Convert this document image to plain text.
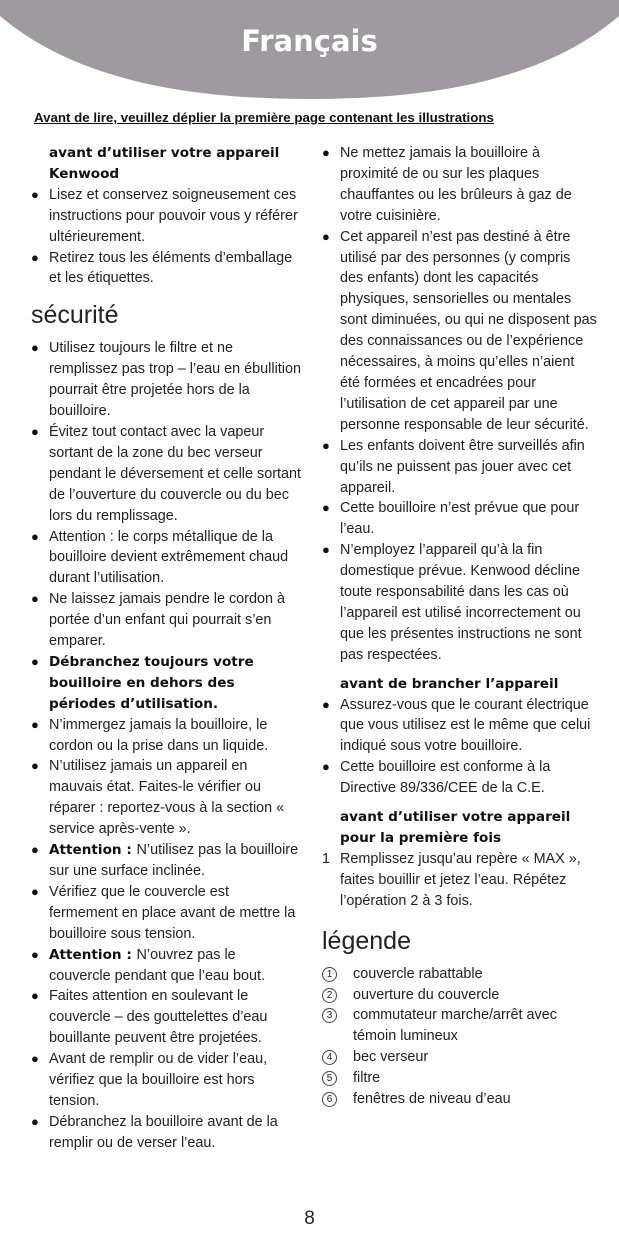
Français
Avant de lire, veuillez déplier la première page contenant les illustrations
avant d’utiliser votre appareil Kenwood
● Lisez et conservez soigneusement ces instructions pour pouvoir vous y référer ultérieurement.
● Retirez tous les éléments d’emballage et les étiquettes.
sécurité
● Utilisez toujours le filtre et ne remplissez pas trop – l’eau en ébullition pourrait être projetée hors de la bouilloire.
● Évitez tout contact avec la vapeur sortant de la zone du bec verseur pendant le déversement et celle sortant de l’ouverture du couvercle ou du bec lors du remplissage.
● Attention : le corps métallique de la bouilloire devient extrêmement chaud durant l’utilisation.
● Ne laissez jamais pendre le cordon à portée d’un enfant qui pourrait s’en emparer.
● Débranchez toujours votre bouilloire en dehors des périodes d’utilisation.
● N’immergez jamais la bouilloire, le cordon ou la prise dans un liquide.
● N’utilisez jamais un appareil en mauvais état. Faites-le vérifier ou réparer : reportez-vous à la section « service après-vente ».
● Attention : N’utilisez pas la bouilloire sur une surface inclinée.
● Vérifiez que le couvercle est fermement en place avant de mettre la bouilloire sous tension.
● Attention : N’ouvrez pas le couvercle pendant que l’eau bout.
● Faites attention en soulevant le couvercle – des gouttelettes d’eau bouillante peuvent être projetées.
● Avant de remplir ou de vider l’eau, vérifiez que la bouilloire est hors tension.
● Débranchez la bouilloire avant de la remplir ou de verser l’eau.
● Ne mettez jamais la bouilloire à proximité de ou sur les plaques chauffantes ou les brûleurs à gaz de votre cuisinière.
● Cet appareil n’est pas destiné à être utilisé par des personnes (y compris des enfants) dont les capacités physiques, sensorielles ou mentales sont diminuées, ou qui ne disposent pas des connaissances ou de l’expérience nécessaires, à moins qu’elles n’aient été formées et encadrées pour l’utilisation de cet appareil par une personne responsable de leur sécurité.
● Les enfants doivent être surveillés afin qu’ils ne puissent pas jouer avec cet appareil.
● Cette bouilloire n’est prévue que pour l’eau.
● N’employez l’appareil qu’à la fin domestique prévue. Kenwood décline toute responsabilité dans les cas où l’appareil est utilisé incorrectement ou que les présentes instructions ne sont pas respectées.
avant de brancher l’appareil
● Assurez-vous que le courant électrique que vous utilisez est le même que celui indiqué sous votre bouilloire.
● Cette bouilloire est conforme à la Directive 89/336/CEE de la C.E.
avant d’utiliser votre appareil pour la première fois
1 Remplissez jusqu’au repère « MAX », faites bouillir et jetez l’eau. Répétez l’opération 2 à 3 fois.
légende
1	couvercle rabattable
2	ouverture du couvercle
3	commutateur marche/arrêt avec témoin lumineux
4	bec verseur
5	filtre
6	fenêtres de niveau d’eau
8
